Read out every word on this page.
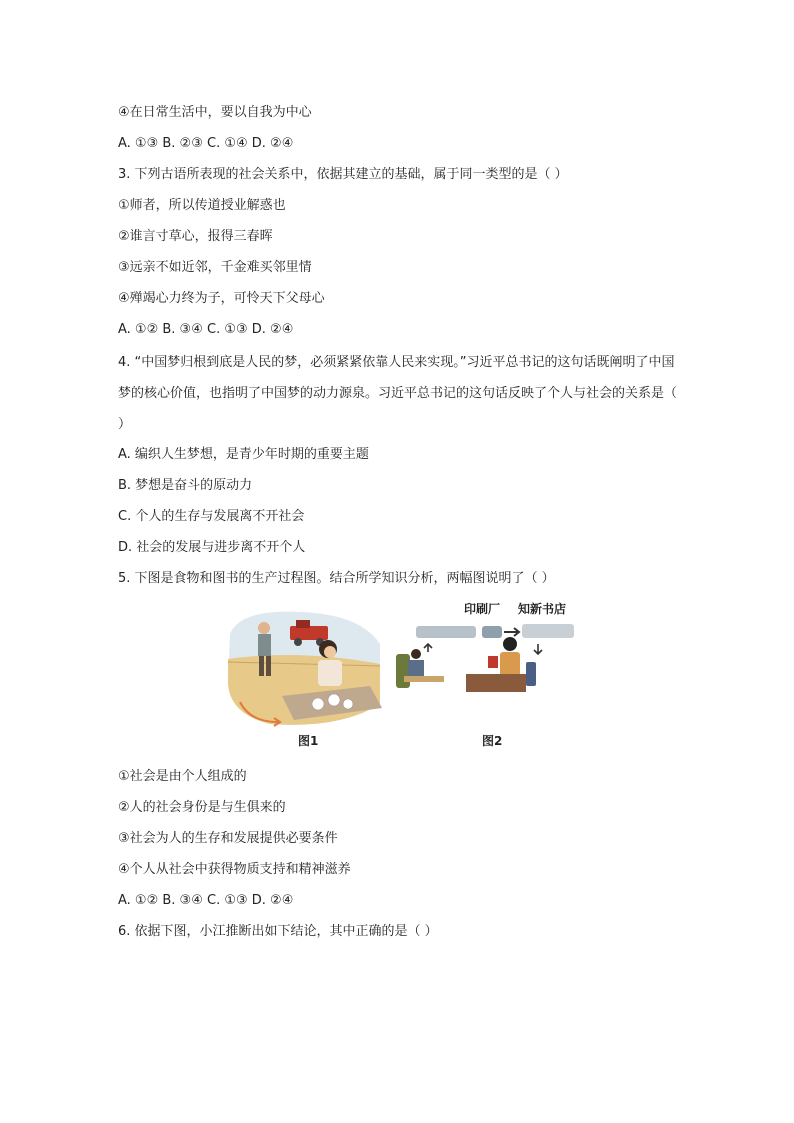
④在日常生活中，要以自我为中心
A. ①③ B. ②③ C. ①④ D. ②④
3. 下列古语所表现的社会关系中，依据其建立的基础，属于同一类型的是（ ）
①师者，所以传道授业解惑也
②谁言寸草心，报得三春晖
③远亲不如近邻，千金难买邻里情
④殚竭心力终为子，可怜天下父母心
A. ①② B. ③④ C. ①③ D. ②④
4. “中国梦归根到底是人民的梦，必须紧紧依靠人民来实现。”习近平总书记的这句话既阐明了中国梦的核心价值，也指明了中国梦的动力源泉。习近平总书记的这句话反映了个人与社会的关系是（ ）
A. 编织人生梦想，是青少年时期的重要主题
B. 梦想是奋斗的原动力
C. 个人的生存与发展离不开社会
D. 社会的发展与进步离不开个人
5. 下图是食物和图书的生产过程图。结合所学知识分析，两幅图说明了（ ）
印刷厂 知新书店
图1	图2
①社会是由个人组成的
②人的社会身份是与生俱来的
③社会为人的生存和发展提供必要条件
④个人从社会中获得物质支持和精神滋养
A. ①② B. ③④ C. ①③ D. ②④
6. 依据下图，小江推断出如下结论，其中正确的是（ ）
